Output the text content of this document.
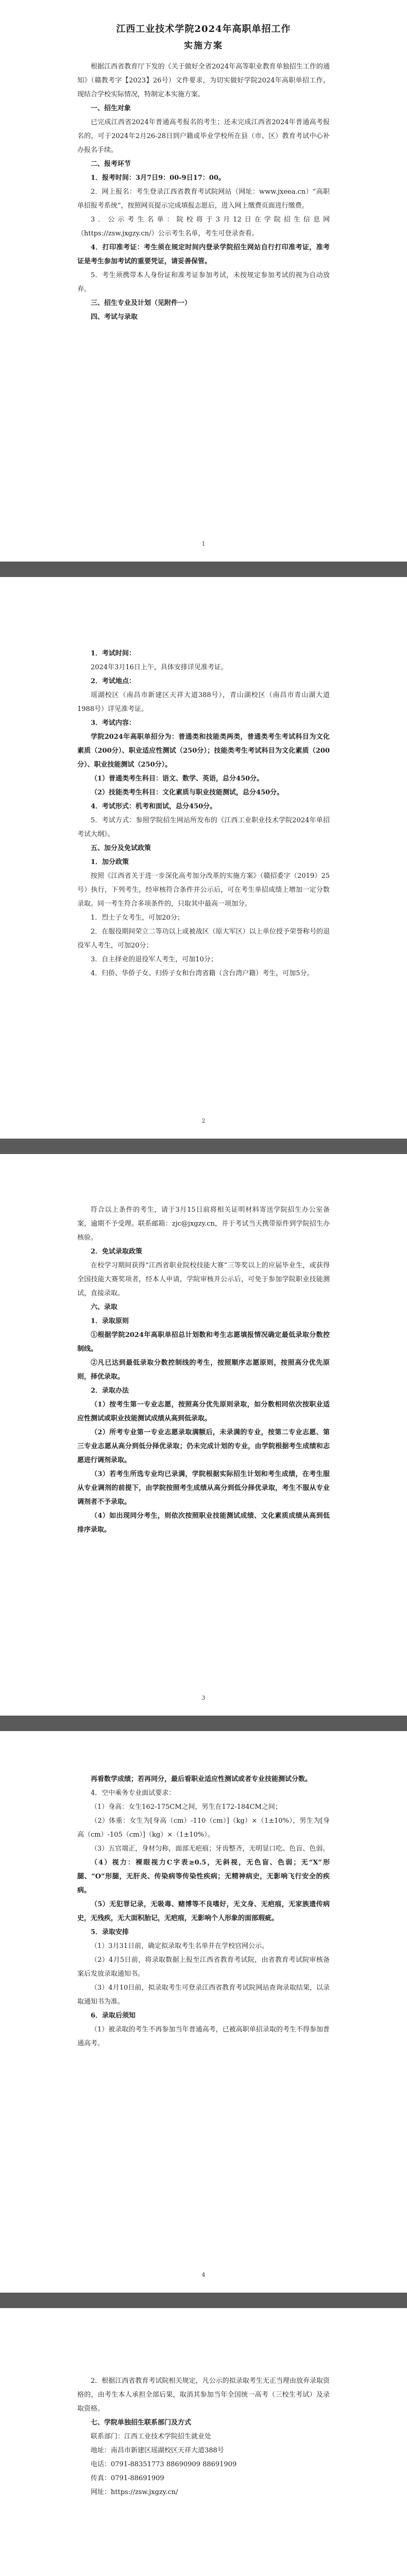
江西工业技术学院2024年高职单招工作
实施方案

根据江西省教育厅下发的《关于做好全省2024年高等职业教育单独招生工作的通知》（赣教考字【2023】26号）文件要求，为切实做好学院2024年高职单招工作，现结合学校实际情况，特制定本实施方案。

一、招生对象

已完成江西省2024年普通高考报名的考生；还未完成江西省2024年普通高考报名的，可于2024年2月26-28日到户籍或毕业学校所在县（市、区）教育考试中心补办报名手续。

二、报考环节

1．报考时间：3月7日9：00-9日17：00。

2．网上报名：考生登录江西省教育考试院网站（网址：www.jxeea.cn）“高职单招报考系统”，按照网页提示完成填报志愿后，进入网上缴费页面进行缴费。

3．公示考生名单：院校将于3月12日在学院招生信息网（https://zsw.jxgzy.cn/）公示考生名单，考生可登录查看。

4．打印准考证：考生须在规定时间内登录学院招生网站自行打印准考证，准考证是考生参加考试的重要凭证，请妥善保管。

5．考生须携带本人身份证和准考证参加考试，未按规定参加考试的视为自动放弃。

三、招生专业及计划（见附件一）

四、考试与录取

1

1．考试时间：

2024年3月16日上午，具体安排详见准考证。

2．考试地点：

瑶湖校区（南昌市新建区天祥大道388号），青山湖校区（南昌市青山湖大道1988号）详见准考证。

3．考试内容：

学院2024年高职单招分为：普通类和技能类两类，普通类考生考试科目为文化素质（200分）、职业适应性测试（250分）；技能类考生考试科目为文化素质（200分）、职业技能测试（250分）。

（1）普通类考生科目：语文、数学、英语，总分450分。

（2）技能类考生科目：文化素质与职业技能测试，总分450分。

4．考试形式：机考和面试，总分450分。

5．考试方式：参照学院招生网站所发布的《江西工业职业技术学院2024年单招考试大纲》。

五、加分及免试政策

1．加分政策

按照《江西省关于进一步深化高考加分改革的实施方案》（赣招委字（2019）25号）执行，下列考生，经审核符合条件并公示后，可在考生单招成绩上增加一定分数录取。同一考生符合多项条件的，只取其中最高一项加分。

1．烈士子女考生，可加20分；

2．在服役期间荣立二等功以上或被战区（原大军区）以上单位授予荣誉称号的退役军人考生，可加20分；

3．自主择业的退役军人考生，可加10分；

4．归侨、华侨子女、归侨子女和台湾省籍（含台湾户籍）考生，可加5分。

2

符合以上条件的考生，请于3月15日前将相关证明材料寄送学院招生办公室备案，逾期不予受理。联系邮箱：zjc@jxgzy.cn，并于考试当天携带原件到学院招生办核验。

2．免试录取政策

在校学习期间获得“江西省职业院校技能大赛”三等奖以上的应届毕业生，或获得全国技能大赛奖项者，经本人申请，学院审核并公示后，可免于参加学院职业技能测试，直接录取。

六、录取

1．录取原则

①根据学院2024年高职单招总计划数和考生志愿填报情况确定最低录取分数控制线。

②凡已达到最低录取分数控制线的考生，按照顺序志愿原则，按照高分优先原则，择优录取。

2．录取办法

（1）按考生第一专业志愿，按照高分优先原则录取，如分数相同依次按职业适应性测试或职业技能测试成绩从高到低录取。

（2）所考专业第一专业志愿录取满额后，未录满的专业，按第二专业志愿、第三专业志愿从高分到低分择优录取；仍未完成计划的专业，由学院根据考生成绩和志愿进行调剂录取。

（3）若考生所选专业均已录满，学院根据实际招生计划和考生成绩，在考生服从专业调剂的前提下，由学院按照考生成绩从高分到低分择优录取，考生不服从专业调剂者不予录取。

（4）如出现同分考生，则依次按照职业技能测试成绩、文化素质成绩从高到低排序录取。

3

再看数学成绩；若再同分，最后看职业适应性测试或者专业技能测试分数。

4．空中乘务专业面试要求：

（1）身高：女生162-175CM之间，男生在172-184CM之间；

（2）体重：女生为[身高（cm）-110（cm）]（kg）×（1±10%），男生为[身高（cm）-105（cm）]（kg）×（1±10%）。

（3）五官端正，身材匀称，面部无疤痕；牙齿整齐，无明显口吃、色盲、色弱。

（4）视力：裸眼视力C字表≥0.5，无斜视，无色盲、色弱；无“X”形腿、“O”形腿，无肝炎、传染病等传染性疾病；无精神病史，无影响飞行安全的疾病。

（5）无犯罪记录，无吸毒、赌博等不良嗜好，无文身、无疤痕，无家族遗传病史，无残疾，无大面积胎记，无疤痕，无影响个人形象的面部瑕疵。

5．录取安排

（1）3月31日前，确定拟录取考生名单并在学校官网公示。

（2）4月5日前，将录取数据上报至江西省教育考试院，由省教育考试院审核备案后发放录取通知书。

（3）4月10日前，拟录取考生可登录江西省教育考试院网站查询录取结果，以录取通知书为准。

6．录取后须知

（1）被录取的考生不再参加当年普通高考，已被高职单招录取的考生不得参加普通高考。

4

2．根据江西省教育考试院相关规定，凡公示的拟录取考生无正当理由放弃录取资格的，由考生本人承担全部后果，取消其参加当年全国统一高考（三校生考试）及录取资格。

七、学院单独招生联系部门及方式

联系部门：江西工业技术学院招生就业处

地址：南昌市新建区瑶湖校区天祥大道388号

电话：0791-88351773 88690909 88691909

传真：0791-88691909

网址：https://zsw.jxgzy.cn/
